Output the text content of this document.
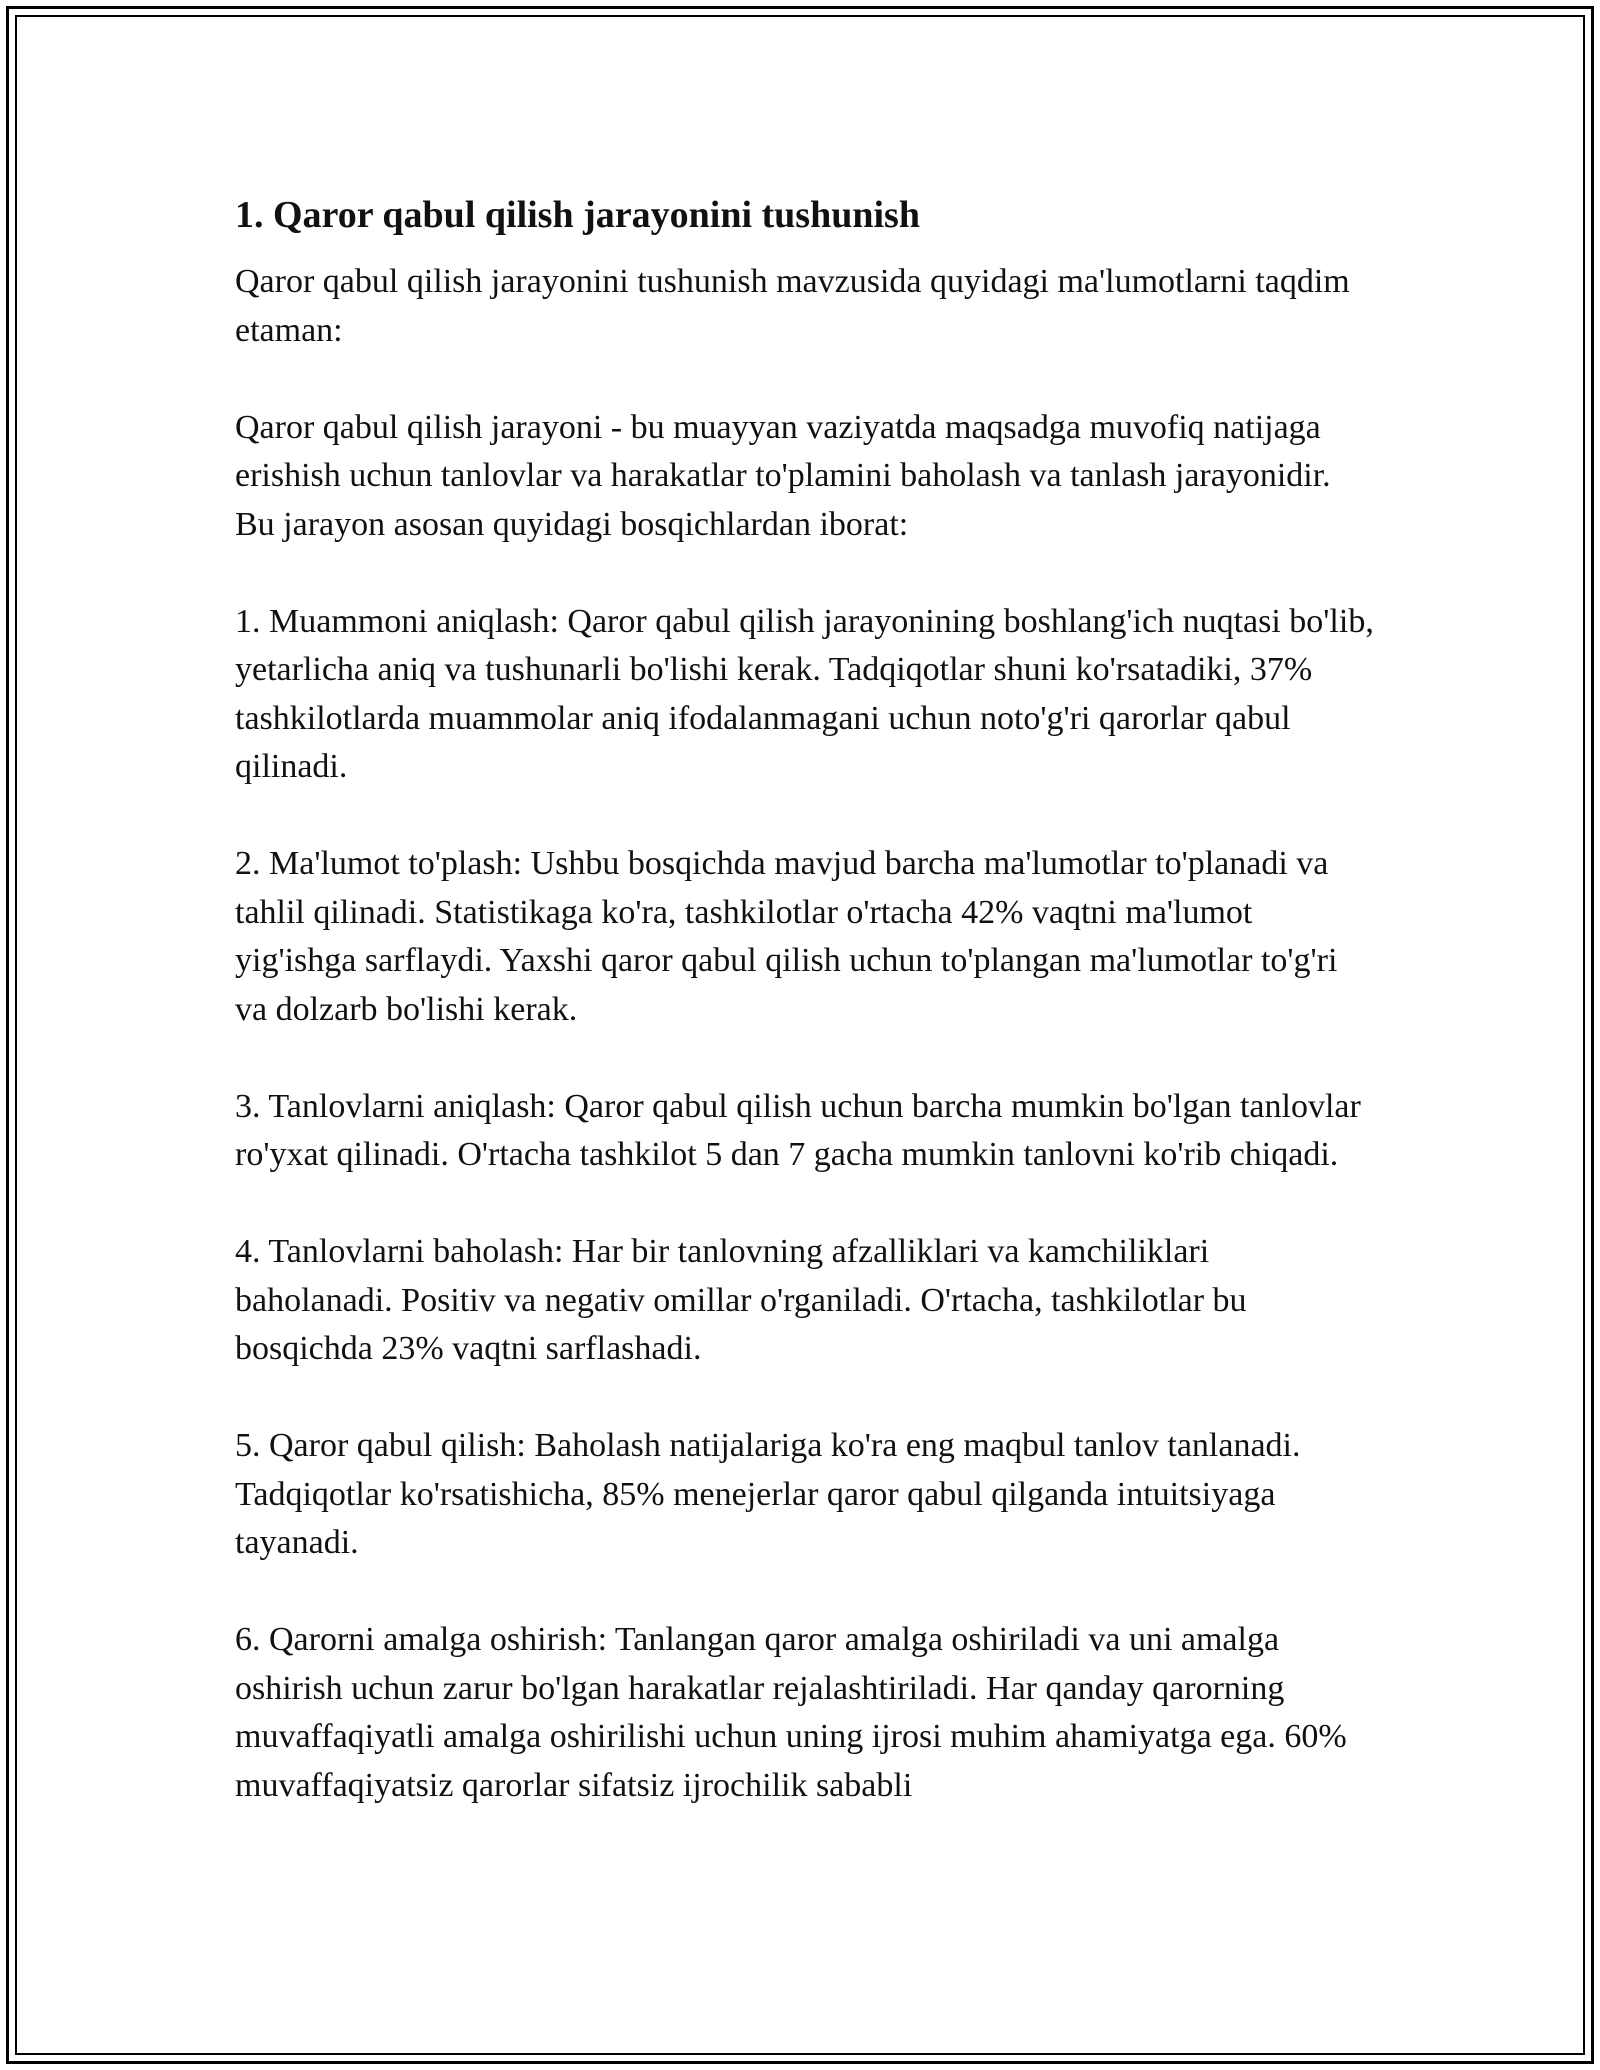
1. Qaror qabul qilish jarayonini tushunish

Qaror qabul qilish jarayonini tushunish mavzusida quyidagi ma'lumotlarni taqdim etaman:

Qaror qabul qilish jarayoni - bu muayyan vaziyatda maqsadga muvofiq natijaga erishish uchun tanlovlar va harakatlar to'plamini baholash va tanlash jarayonidir. Bu jarayon asosan quyidagi bosqichlardan iborat:

1. Muammoni aniqlash: Qaror qabul qilish jarayonining boshlang'ich nuqtasi bo'lib, yetarlicha aniq va tushunarli bo'lishi kerak. Tadqiqotlar shuni ko'rsatadiki, 37% tashkilotlarda muammolar aniq ifodalanmagani uchun noto'g'ri qarorlar qabul qilinadi.

2. Ma'lumot to'plash: Ushbu bosqichda mavjud barcha ma'lumotlar to'planadi va tahlil qilinadi. Statistikaga ko'ra, tashkilotlar o'rtacha 42% vaqtni ma'lumot yig'ishga sarflaydi. Yaxshi qaror qabul qilish uchun to'plangan ma'lumotlar to'g'ri va dolzarb bo'lishi kerak.

3. Tanlovlarni aniqlash: Qaror qabul qilish uchun barcha mumkin bo'lgan tanlovlar ro'yxat qilinadi. O'rtacha tashkilot 5 dan 7 gacha mumkin tanlovni ko'rib chiqadi.

4. Tanlovlarni baholash: Har bir tanlovning afzalliklari va kamchiliklari baholanadi. Positiv va negativ omillar o'rganiladi. O'rtacha, tashkilotlar bu bosqichda 23% vaqtni sarflashadi.

5. Qaror qabul qilish: Baholash natijalariga ko'ra eng maqbul tanlov tanlanadi. Tadqiqotlar ko'rsatishicha, 85% menejerlar qaror qabul qilganda intuitsiyaga tayanadi.

6. Qarorni amalga oshirish: Tanlangan qaror amalga oshiriladi va uni amalga oshirish uchun zarur bo'lgan harakatlar rejalashtiriladi. Har qanday qarorning muvaffaqiyatli amalga oshirilishi uchun uning ijrosi muhim ahamiyatga ega. 60% muvaffaqiyatsiz qarorlar sifatsiz ijrochilik sababli
